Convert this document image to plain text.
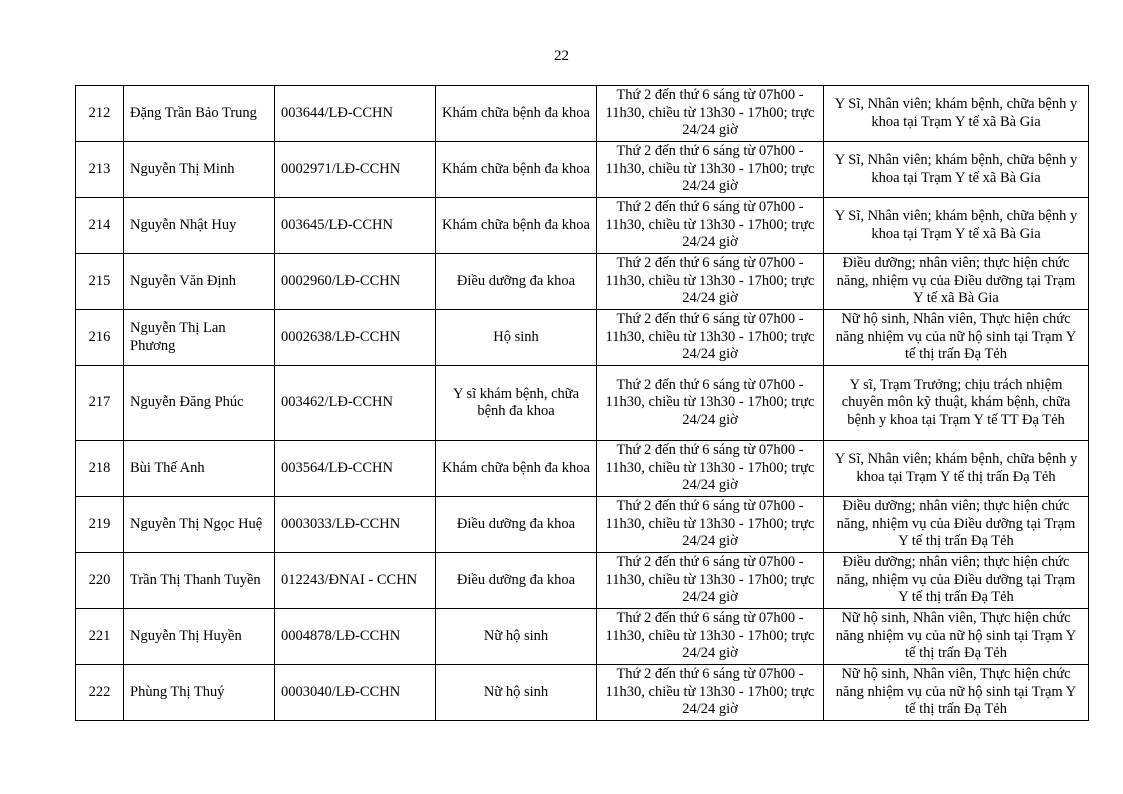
22
212	Đặng Trần Bảo Trung	003644/LĐ-CCHN	Khám chữa bệnh đa khoa	Thứ 2 đến thứ 6 sáng từ 07h00 - 11h30, chiều từ 13h30 - 17h00; trực 24/24 giờ	Y Sĩ, Nhân viên; khám bệnh, chữa bệnh y khoa tại Trạm Y tế xã Bà Gia
213	Nguyễn Thị Minh	0002971/LĐ-CCHN	Khám chữa bệnh đa khoa	Thứ 2 đến thứ 6 sáng từ 07h00 - 11h30, chiều từ 13h30 - 17h00; trực 24/24 giờ	Y Sĩ, Nhân viên; khám bệnh, chữa bệnh y khoa tại Trạm Y tế xã Bà Gia
214	Nguyễn Nhật Huy	003645/LĐ-CCHN	Khám chữa bệnh đa khoa	Thứ 2 đến thứ 6 sáng từ 07h00 - 11h30, chiều từ 13h30 - 17h00; trực 24/24 giờ	Y Sĩ, Nhân viên; khám bệnh, chữa bệnh y khoa tại Trạm Y tế xã Bà Gia
215	Nguyễn Văn Định	0002960/LĐ-CCHN	Điều dưỡng đa khoa	Thứ 2 đến thứ 6 sáng từ 07h00 - 11h30, chiều từ 13h30 - 17h00; trực 24/24 giờ	Điều dưỡng; nhân viên; thực hiện chức năng, nhiệm vụ của Điều dưỡng tại Trạm Y tế xã Bà Gia
216	Nguyễn Thị Lan Phương	0002638/LĐ-CCHN	Hộ sinh	Thứ 2 đến thứ 6 sáng từ 07h00 - 11h30, chiều từ 13h30 - 17h00; trực 24/24 giờ	Nữ hộ sinh, Nhân viên, Thực hiện chức năng nhiệm vụ của nữ hộ sinh tại Trạm Y tế thị trấn Đạ Tẻh
217	Nguyễn Đăng Phúc	003462/LĐ-CCHN	Y sĩ khám bệnh, chữa bệnh đa khoa	Thứ 2 đến thứ 6 sáng từ 07h00 - 11h30, chiều từ 13h30 - 17h00; trực 24/24 giờ	Y sĩ, Trạm Trưởng; chịu trách nhiệm chuyên môn kỹ thuật, khám bệnh, chữa bệnh y khoa tại Trạm Y tế TT Đạ Tẻh
218	Bùi Thế Anh	003564/LĐ-CCHN	Khám chữa bệnh đa khoa	Thứ 2 đến thứ 6 sáng từ 07h00 - 11h30, chiều từ 13h30 - 17h00; trực 24/24 giờ	Y Sĩ, Nhân viên; khám bệnh, chữa bệnh y khoa tại Trạm Y tế thị trấn Đạ Tẻh
219	Nguyễn Thị Ngọc Huệ	0003033/LĐ-CCHN	Điều dưỡng đa khoa	Thứ 2 đến thứ 6 sáng từ 07h00 - 11h30, chiều từ 13h30 - 17h00; trực 24/24 giờ	Điều dưỡng; nhân viên; thực hiện chức năng, nhiệm vụ của Điều dưỡng tại Trạm Y tế thị trấn Đạ Tẻh
220	Trần Thị Thanh Tuyền	012243/ĐNAI - CCHN	Điều dưỡng đa khoa	Thứ 2 đến thứ 6 sáng từ 07h00 - 11h30, chiều từ 13h30 - 17h00; trực 24/24 giờ	Điều dưỡng; nhân viên; thực hiện chức năng, nhiệm vụ của Điều dưỡng tại Trạm Y tế thị trấn Đạ Tẻh
221	Nguyễn Thị Huyền	0004878/LĐ-CCHN	Nữ hộ sinh	Thứ 2 đến thứ 6 sáng từ 07h00 - 11h30, chiều từ 13h30 - 17h00; trực 24/24 giờ	Nữ hộ sinh, Nhân viên, Thực hiện chức năng nhiệm vụ của nữ hộ sinh tại Trạm Y tế thị trấn Đạ Tẻh
222	Phùng Thị Thuý	0003040/LĐ-CCHN	Nữ hộ sinh	Thứ 2 đến thứ 6 sáng từ 07h00 - 11h30, chiều từ 13h30 - 17h00; trực 24/24 giờ	Nữ hộ sinh, Nhân viên, Thực hiện chức năng nhiệm vụ của nữ hộ sinh tại Trạm Y tế thị trấn Đạ Tẻh
